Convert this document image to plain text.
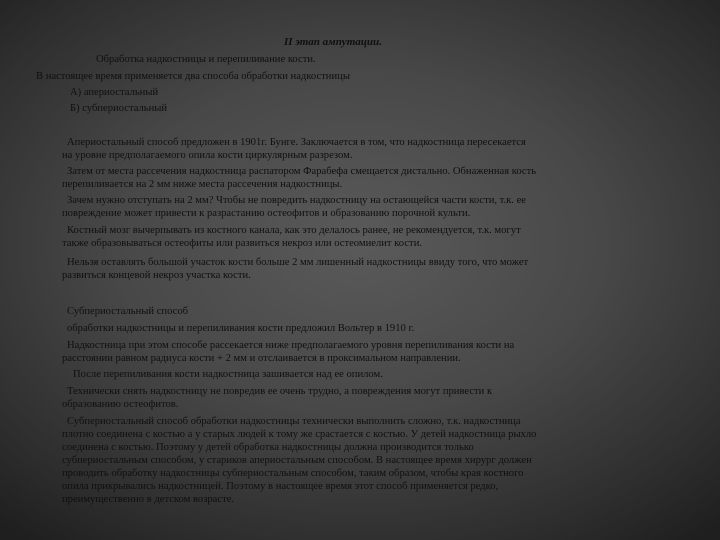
II этап ампутации.
Обработка надкостницы и перепиливание кости.
В настоящее время применяется два способа обработки надкостницы
А) апериостальный
Б) субпериостальный
Апериостальный способ предложен в 1901г. Бунге. Заключается в том, что надкостница пересекается
на уровне предполагаемого опила кости циркулярным разрезом.
Затем от места рассечения надкостница распатором Фарабефа смещается дистально. Обнаженная кость
перепиливается на 2 мм ниже места рассечения надкостницы.
Зачем нужно отступать на 2 мм? Чтобы не повредить надкостницу на остающейся части кости, т.к. ее
повреждение может привести к разрастанию остеофитов и образованию порочной культи.
Костный мозг вычерпывать из костного канала, как это делалось ранее, не рекомендуется, т.к. могут
также образовываться остеофиты или развиться некроз или остеомиелит кости.
Нельзя оставлять большой участок кости больше 2 мм лишенный надкостницы ввиду того, что может
развиться концевой некроз участка кости.
Субпериостальный способ
обработки надкостницы и перепиливания кости предложил Вольтер в 1910 г.
Надкостница при этом способе рассекается ниже предполагаемого уровня перепиливания кости на
расстоянии равном радиуса кости + 2 мм и отслаивается в проксимальном направлении.
После перепиливания кости надкостница зашивается над ее опилом.
Технически снять надкостницу не повредив ее очень трудно, а повреждения могут привести к
образованию остеофитов.
Субпериостальный способ обработки надкостницы технически выполнить сложно, т.к. надкостница
плотно соединена с костью а у старых людей к тому же срастается с костью. У детей надкостница рыхло
соединена с костью. Поэтому у детей обработка надкостницы должна производится только
субпериостальным способом, у стариков апериостальным способом. В настоящее время хирург должен
проводить обработку надкостницы субпериостальным способом, таким образом, чтобы края костного
опила прикрывались надкостницей. Поэтому в настоящее время этот способ применяется редко,
преимущественно в детском возрасте.
